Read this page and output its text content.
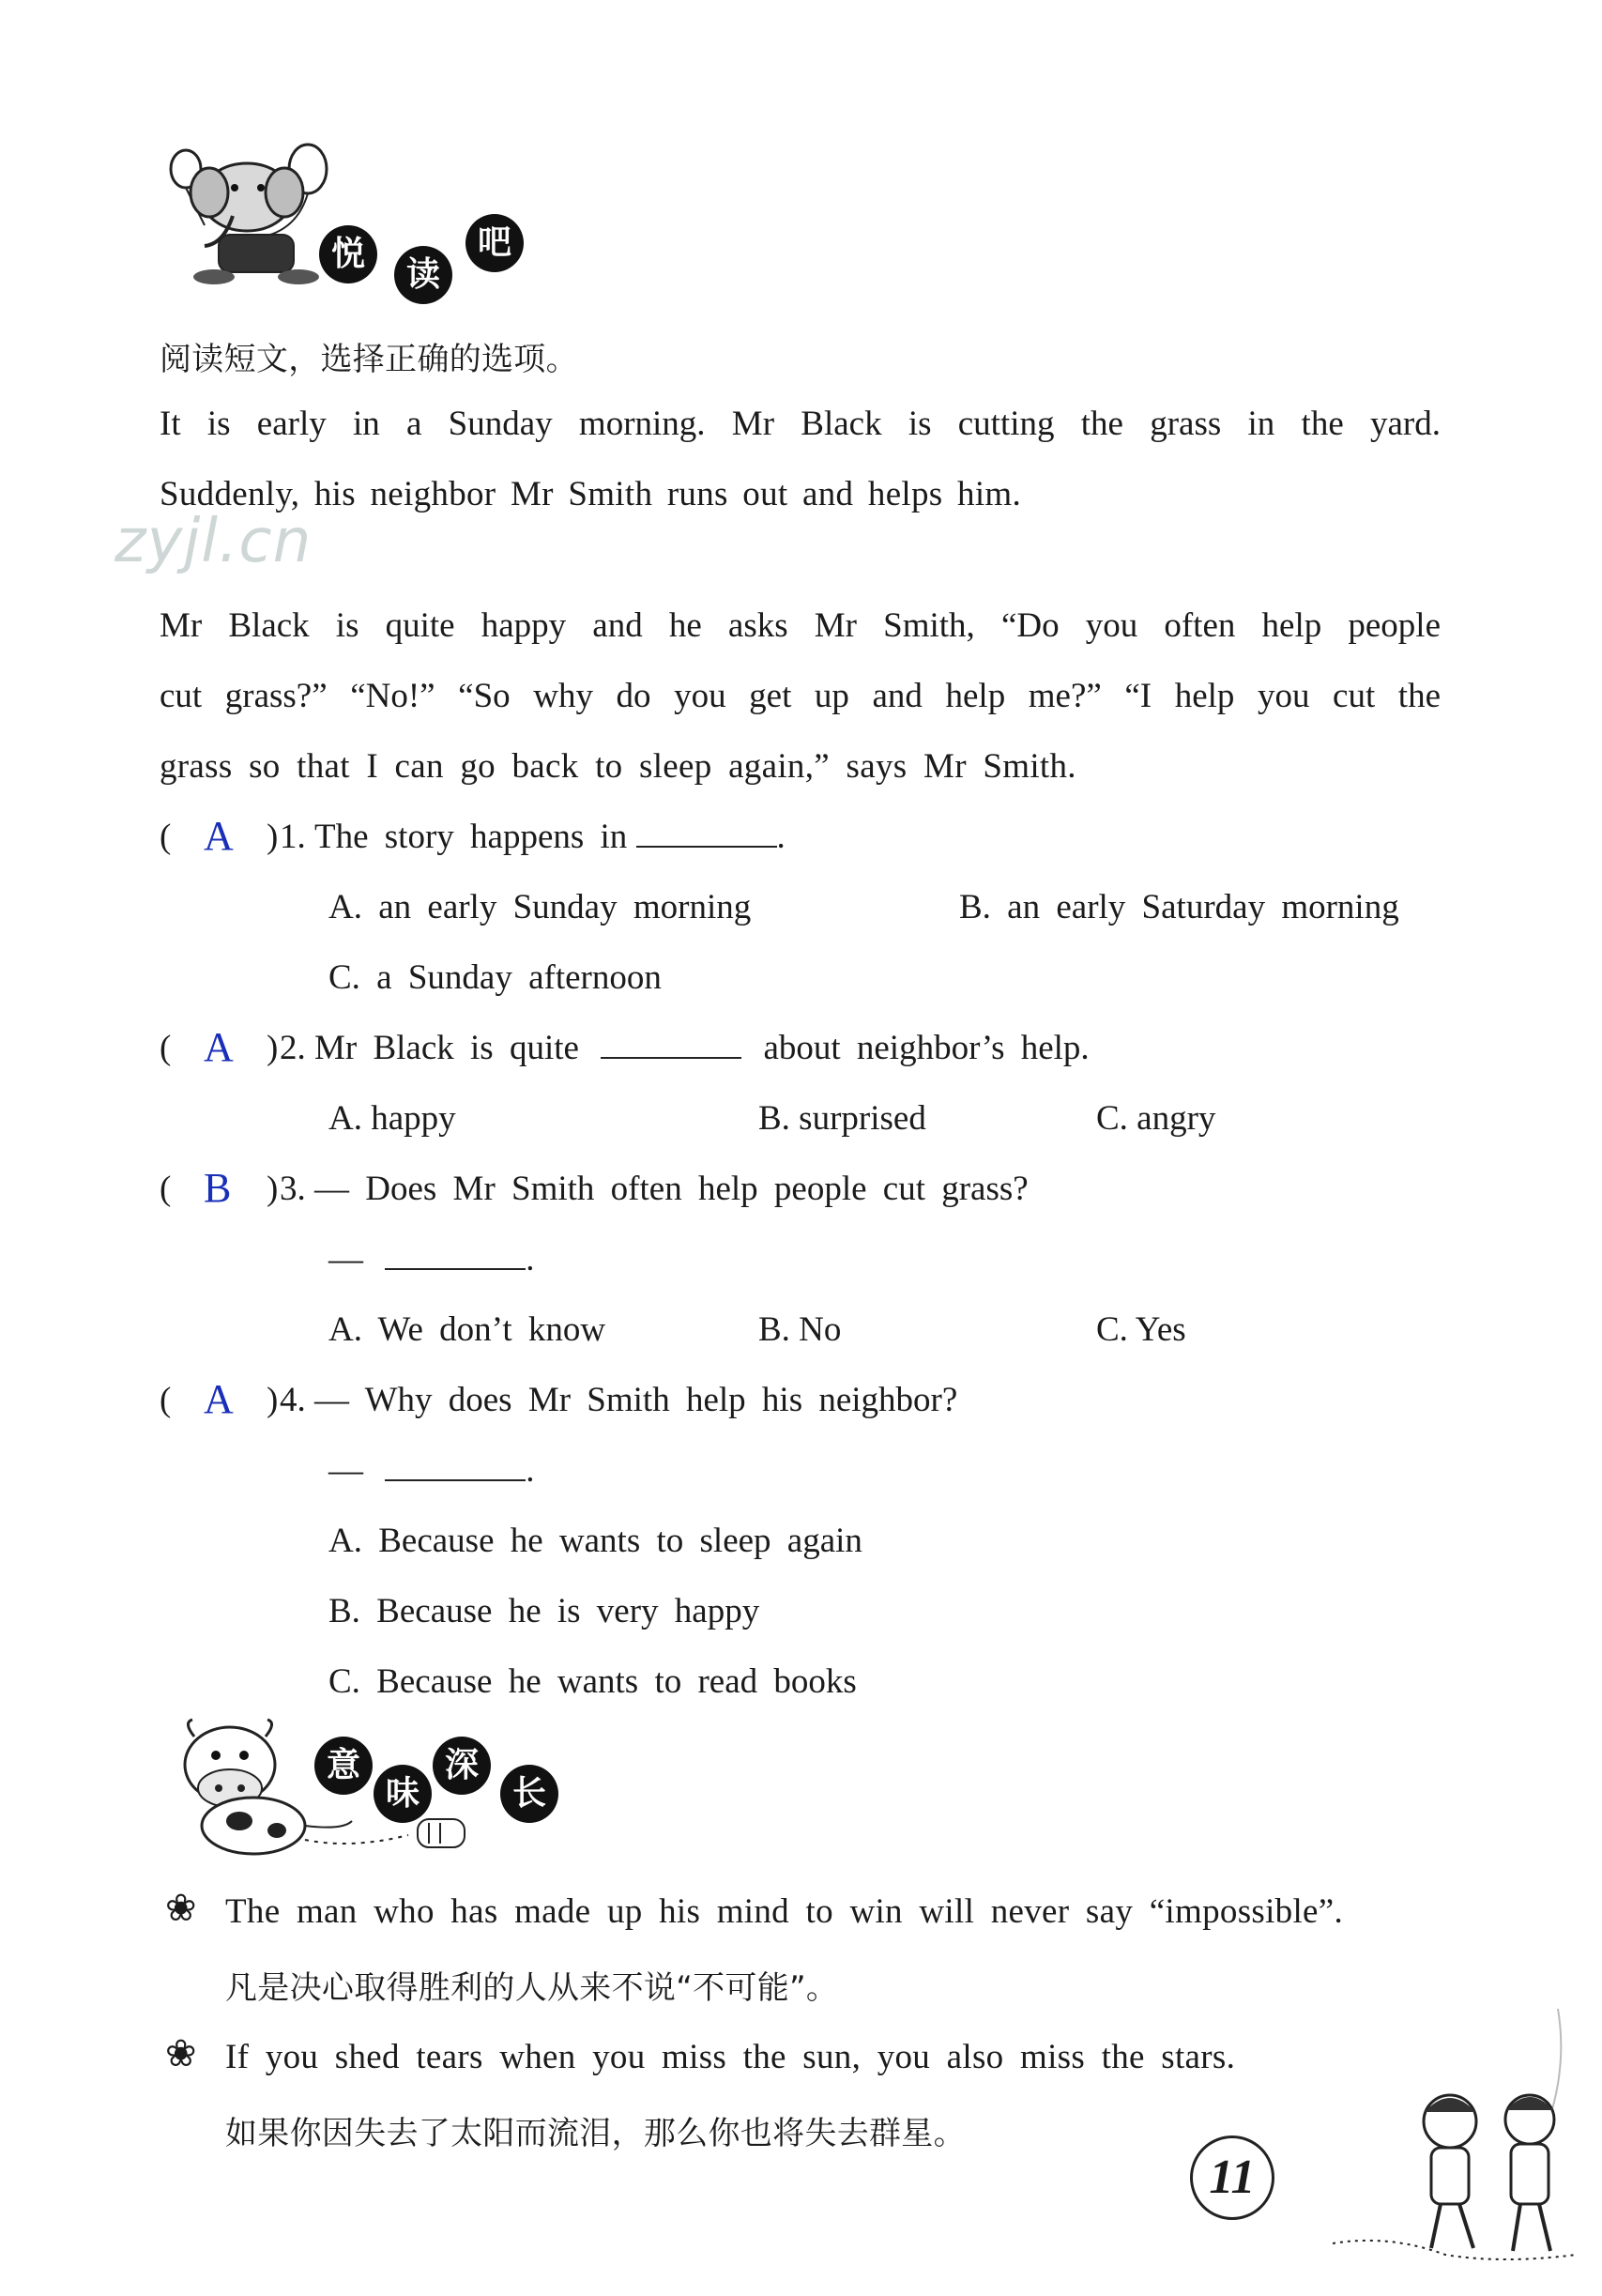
悦
读
吧
阅读短文，选择正确的选项。
It is early in a Sunday morning. Mr Black is cutting the grass in the yard.
Suddenly, his neighbor Mr Smith runs out and helps him.
zyjl.cn
Mr Black is quite happy and he asks Mr Smith, “Do you often help people
cut grass?” “No!” “So why do you get up and help me?” “I help you cut the
grass so that I can go back to sleep again,” says Mr Smith.
( A ) 1. The story happens in	.
A. an early Sunday morning	B. an early Saturday morning
C. a Sunday afternoon
( A ) 2. Mr Black is quite	about neighbor’s help.
A. happy	B. surprised	C. angry
( B ) 3. — Does Mr Smith often help people cut grass?
—	.
A. We don’t know	B. No	C. Yes
( A ) 4. — Why does Mr Smith help his neighbor?
—	.
A. Because he wants to sleep again
B. Because he is very happy
C. Because he wants to read books
意
味
深
长
❀ The man who has made up his mind to win will never say “impossible”.
凡是决心取得胜利的人从来不说“不可能”。
❀ If you shed tears when you miss the sun, you also miss the stars.
如果你因失去了太阳而流泪，那么你也将失去群星。
11
